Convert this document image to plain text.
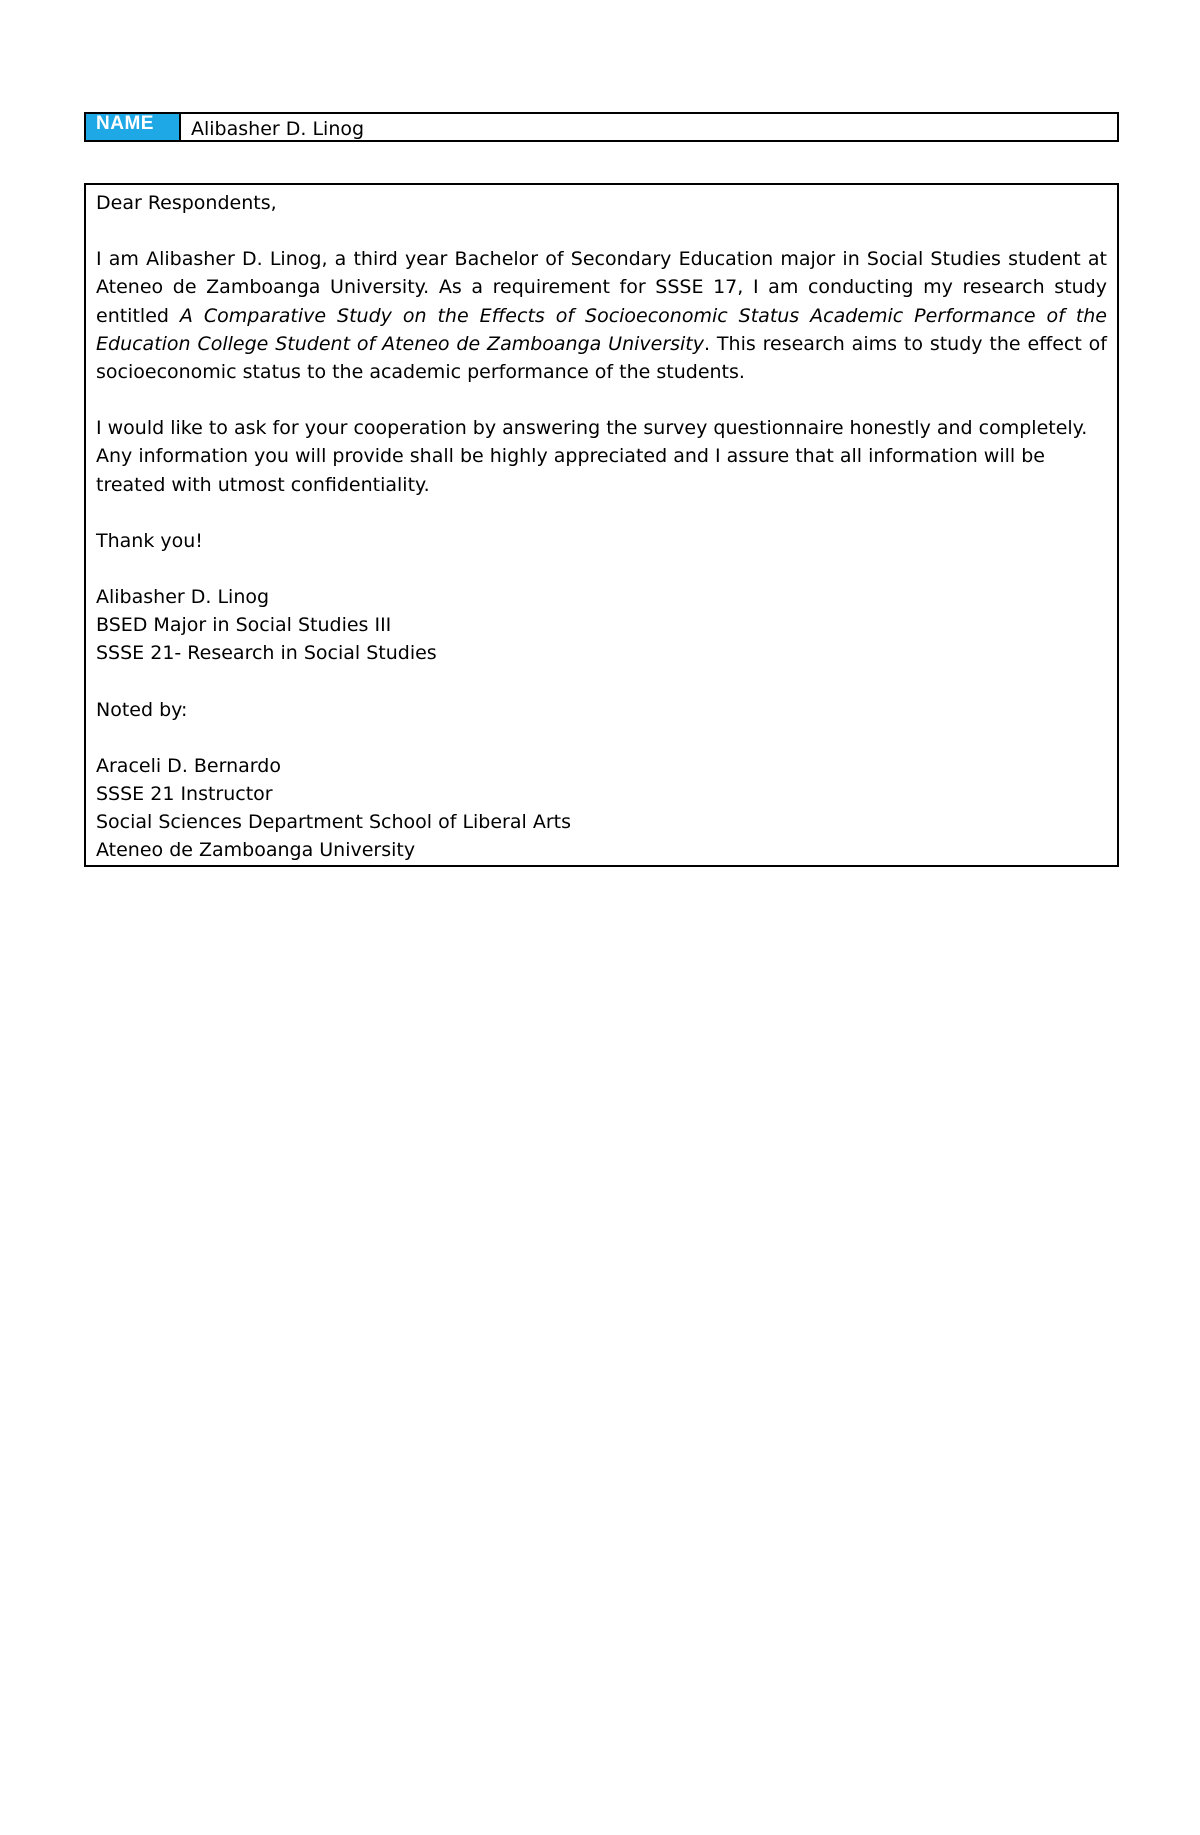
NAME	Alibasher D. Linog

Dear Respondents,

I am Alibasher D. Linog, a third year Bachelor of Secondary Education major in Social Studies student at Ateneo de Zamboanga University. As a requirement for SSSE 17, I am conducting my research study entitled A Comparative Study on the Effects of Socioeconomic Status Academic Performance of the Education College Student of Ateneo de Zamboanga University. This research aims to study the effect of socioeconomic status to the academic performance of the students.

I would like to ask for your cooperation by answering the survey questionnaire honestly and completely.
Any information you will provide shall be highly appreciated and I assure that all information will be
treated with utmost confidentiality.

Thank you!

Alibasher D. Linog
BSED Major in Social Studies III
SSSE 21- Research in Social Studies

Noted by:

Araceli D. Bernardo
SSSE 21 Instructor
Social Sciences Department School of Liberal Arts
Ateneo de Zamboanga University
